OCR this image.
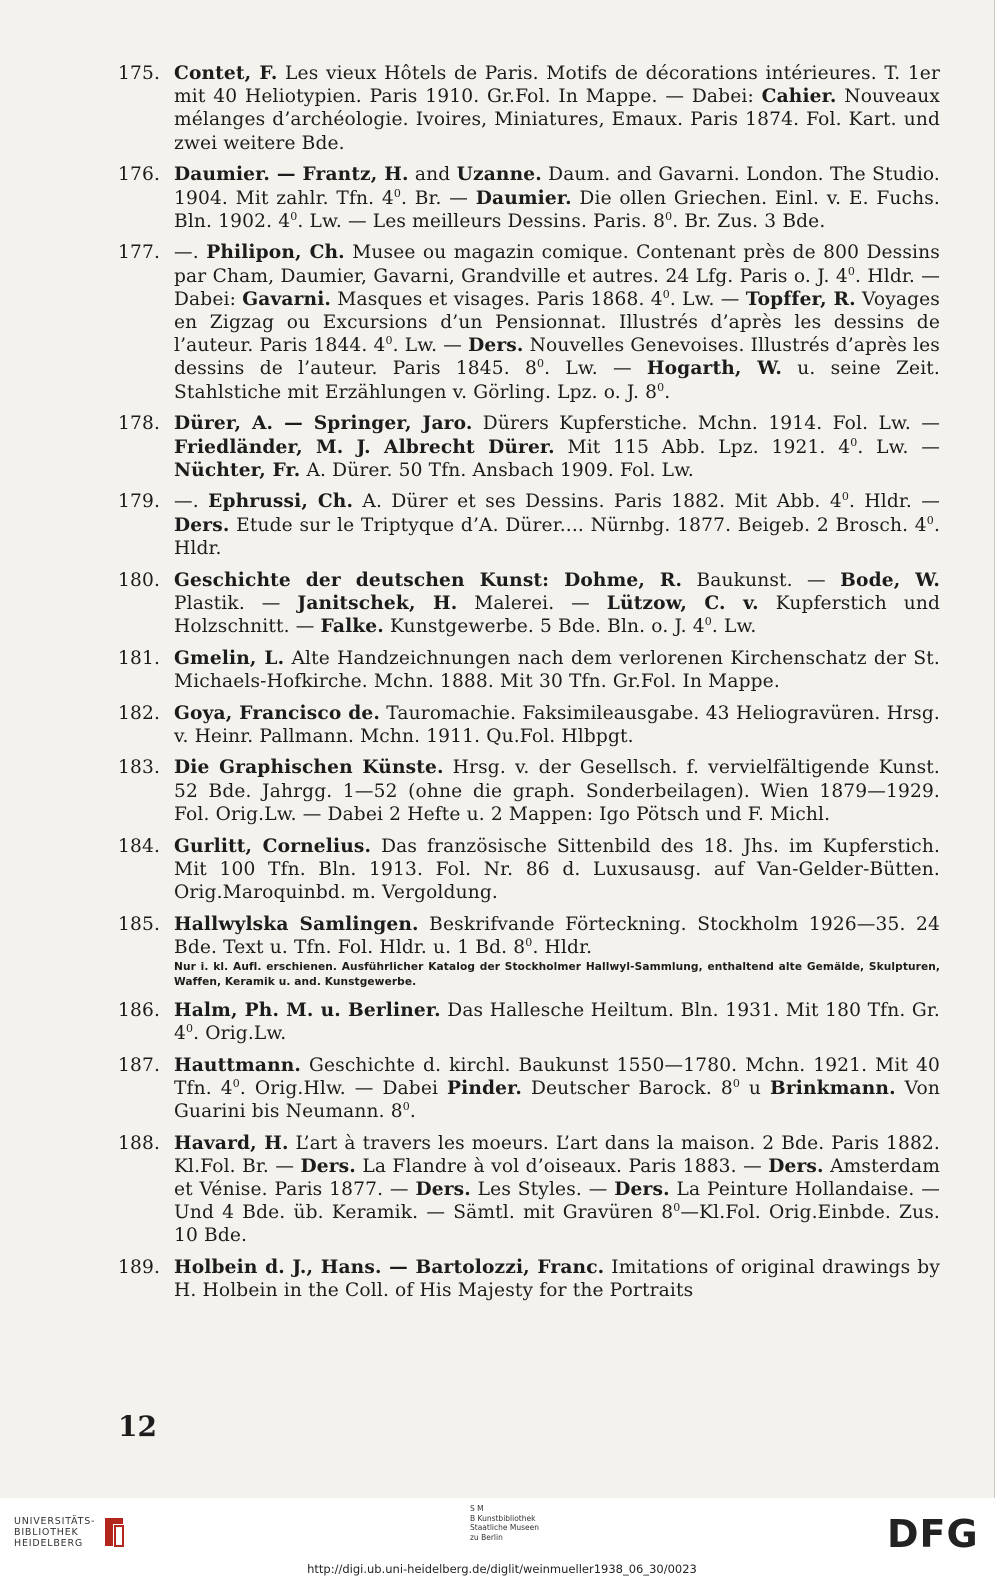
175. Contet, F. Les vieux Hôtels de Paris. Motifs de décorations intérieures. T. 1er mit 40 Heliotypien. Paris 1910. Gr.Fol. In Mappe. — Dabei: Cahier. Nouveaux mélanges d’archéologie. Ivoires, Miniatures, Emaux. Paris 1874. Fol. Kart. und zwei weitere Bde.
176. Daumier. — Frantz, H. and Uzanne. Daum. and Gavarni. London. The Studio. 1904. Mit zahlr. Tfn. $4^0$. Br. — Daumier. Die ollen Griechen. Einl. v. E. Fuchs. Bln. 1902. $4^0$. Lw. — Les meilleurs Dessins. Paris. $8^0$. Br. Zus. 3 Bde.
177. —. Philipon, Ch. Musee ou magazin comique. Contenant près de 800 Dessins par Cham, Daumier, Gavarni, Grandville et autres. 24 Lfg. Paris o. J. $4^0$. Hldr. — Dabei: Gavarni. Masques et visages. Paris 1868. $4^0$. Lw. — Topffer, R. Voyages en Zigzag ou Excursions d’un Pensionnat. Illustrés d’après les dessins de l’auteur. Paris 1844. $4^0$. Lw. — Ders. Nouvelles Genevoises. Illustrés d’après les dessins de l’auteur. Paris 1845. $8^0$. Lw. — Hogarth, W. u. seine Zeit. Stahlstiche mit Erzählungen v. Görling. Lpz. o. J. $8^0$.
178. Dürer, A. — Springer, Jaro. Dürers Kupferstiche. Mchn. 1914. Fol. Lw. — Friedländer, M. J. Albrecht Dürer. Mit 115 Abb. Lpz. 1921. $4^0$. Lw. — Nüchter, Fr. A. Dürer. 50 Tfn. Ansbach 1909. Fol. Lw.
179. —. Ephrussi, Ch. A. Dürer et ses Dessins. Paris 1882. Mit Abb. $4^0$. Hldr. — Ders. Etude sur le Triptyque d’A. Dürer.... Nürnbg. 1877. Beigeb. 2 Brosch. $4^0$. Hldr.
180. Geschichte der deutschen Kunst: Dohme, R. Baukunst. — Bode, W. Plastik. — Janitschek, H. Malerei. — Lützow, C. v. Kupferstich und Holzschnitt. — Falke. Kunstgewerbe. 5 Bde. Bln. o. J. $4^0$. Lw.
181. Gmelin, L. Alte Handzeichnungen nach dem verlorenen Kirchenschatz der St. Michaels-Hofkirche. Mchn. 1888. Mit 30 Tfn. Gr.Fol. In Mappe.
182. Goya, Francisco de. Tauromachie. Faksimileausgabe. 43 Heliogravüren. Hrsg. v. Heinr. Pallmann. Mchn. 1911. Qu.Fol. Hlbpgt.
183. Die Graphischen Künste. Hrsg. v. der Gesellsch. f. vervielfältigende Kunst. 52 Bde. Jahrgg. 1—52 (ohne die graph. Sonderbeilagen). Wien 1879—1929. Fol. Orig.Lw. — Dabei 2 Hefte u. 2 Mappen: Igo Pötsch und F. Michl.
184. Gurlitt, Cornelius. Das französische Sittenbild des 18. Jhs. im Kupferstich. Mit 100 Tfn. Bln. 1913. Fol. Nr. 86 d. Luxusausg. auf Van-Gelder-Bütten. Orig.Maroquinbd. m. Vergoldung.
185. Hallwylska Samlingen. Beskrifvande Förteckning. Stockholm 1926—35. 24 Bde. Text u. Tfn. Fol. Hldr. u. 1 Bd. $8^0$. Hldr.
Nur i. kl. Aufl. erschienen. Ausführlicher Katalog der Stockholmer Hallwyl-Sammlung, enthaltend alte Gemälde, Skulpturen, Waffen, Keramik u. and. Kunstgewerbe.
186. Halm, Ph. M. u. Berliner. Das Hallesche Heiltum. Bln. 1931. Mit 180 Tfn. Gr. $4^0$. Orig.Lw.
187. Hauttmann. Geschichte d. kirchl. Baukunst 1550—1780. Mchn. 1921. Mit 40 Tfn. $4^0$. Orig.Hlw. — Dabei Pinder. Deutscher Barock. $8^0$ u Brinkmann. Von Guarini bis Neumann. $8^0$.
188. Havard, H. L’art à travers les moeurs. L’art dans la maison. 2 Bde. Paris 1882. Kl.Fol. Br. — Ders. La Flandre à vol d’oiseaux. Paris 1883. — Ders. Amsterdam et Vénise. Paris 1877. — Ders. Les Styles. — Ders. La Peinture Hollandaise. — Und 4 Bde. üb. Keramik. — Sämtl. mit Gravüren $8^0—Kl.Fol$. Orig.Einbde. Zus. 10 Bde.
189. Holbein d. J., Hans. — Bartolozzi, Franc. Imitations of original drawings by H. Holbein in the Coll. of His Majesty for the Portraits
12
UNIVERSITÄTS-
BIBLIOTHEK
HEIDELBERG
S M
B Kunstbibliothek
Staatliche Museen
zu Berlin	DFG
http://digi.ub.uni-heidelberg.de/diglit/weinmueller1938_06_30/0023
